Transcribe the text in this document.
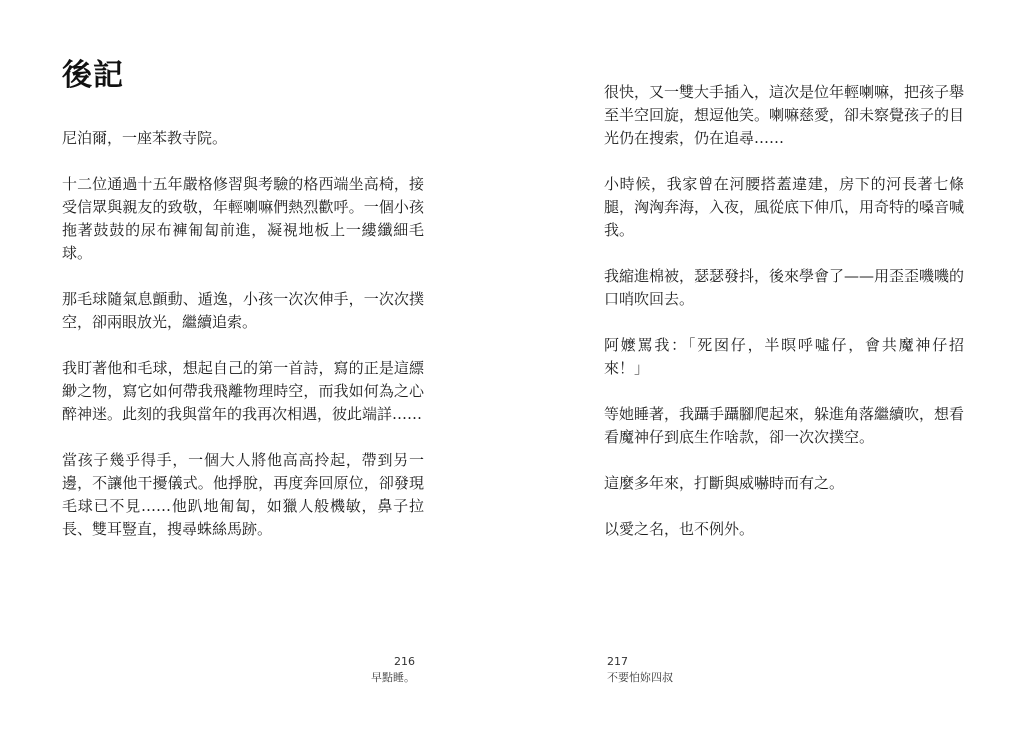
後記

尼泊爾，一座苯教寺院。

十二位通過十五年嚴格修習與考驗的格西端坐高椅，接受信眾與親友的致敬，年輕喇嘛們熱烈歡呼。一個小孩拖著鼓鼓的尿布褲匍匐前進，凝視地板上一縷纖細毛球。

那毛球隨氣息顫動、遁逸，小孩一次次伸手，一次次撲空，卻兩眼放光，繼續追索。

我盯著他和毛球，想起自己的第一首詩，寫的正是這縹緲之物，寫它如何帶我飛離物理時空，而我如何為之心醉神迷。此刻的我與當年的我再次相遇，彼此端詳……

當孩子幾乎得手，一個大人將他高高拎起，帶到另一邊，不讓他干擾儀式。他掙脫，再度奔回原位，卻發現毛球已不見……他趴地匍匐，如獵人般機敏，鼻子拉長、雙耳豎直，搜尋蛛絲馬跡。

216
早點睡。

很快，又一雙大手插入，這次是位年輕喇嘛，把孩子舉至半空回旋，想逗他笑。喇嘛慈愛，卻未察覺孩子的目光仍在搜索，仍在追尋……

小時候，我家曾在河腰搭蓋違建，房下的河長著七條腿，洶洶奔海，入夜，風從底下伸爪，用奇特的嗓音喊我。

我縮進棉被，瑟瑟發抖，後來學會了——用歪歪嘰嘰的口哨吹回去。

阿嬤罵我：「死囡仔，半暝呼噓仔，會共魔神仔招來！」

等她睡著，我躡手躡腳爬起來，躲進角落繼續吹，想看看魔神仔到底生作啥款，卻一次次撲空。

這麼多年來，打斷與威嚇時而有之。

以愛之名，也不例外。

217
不要怕妳四叔
